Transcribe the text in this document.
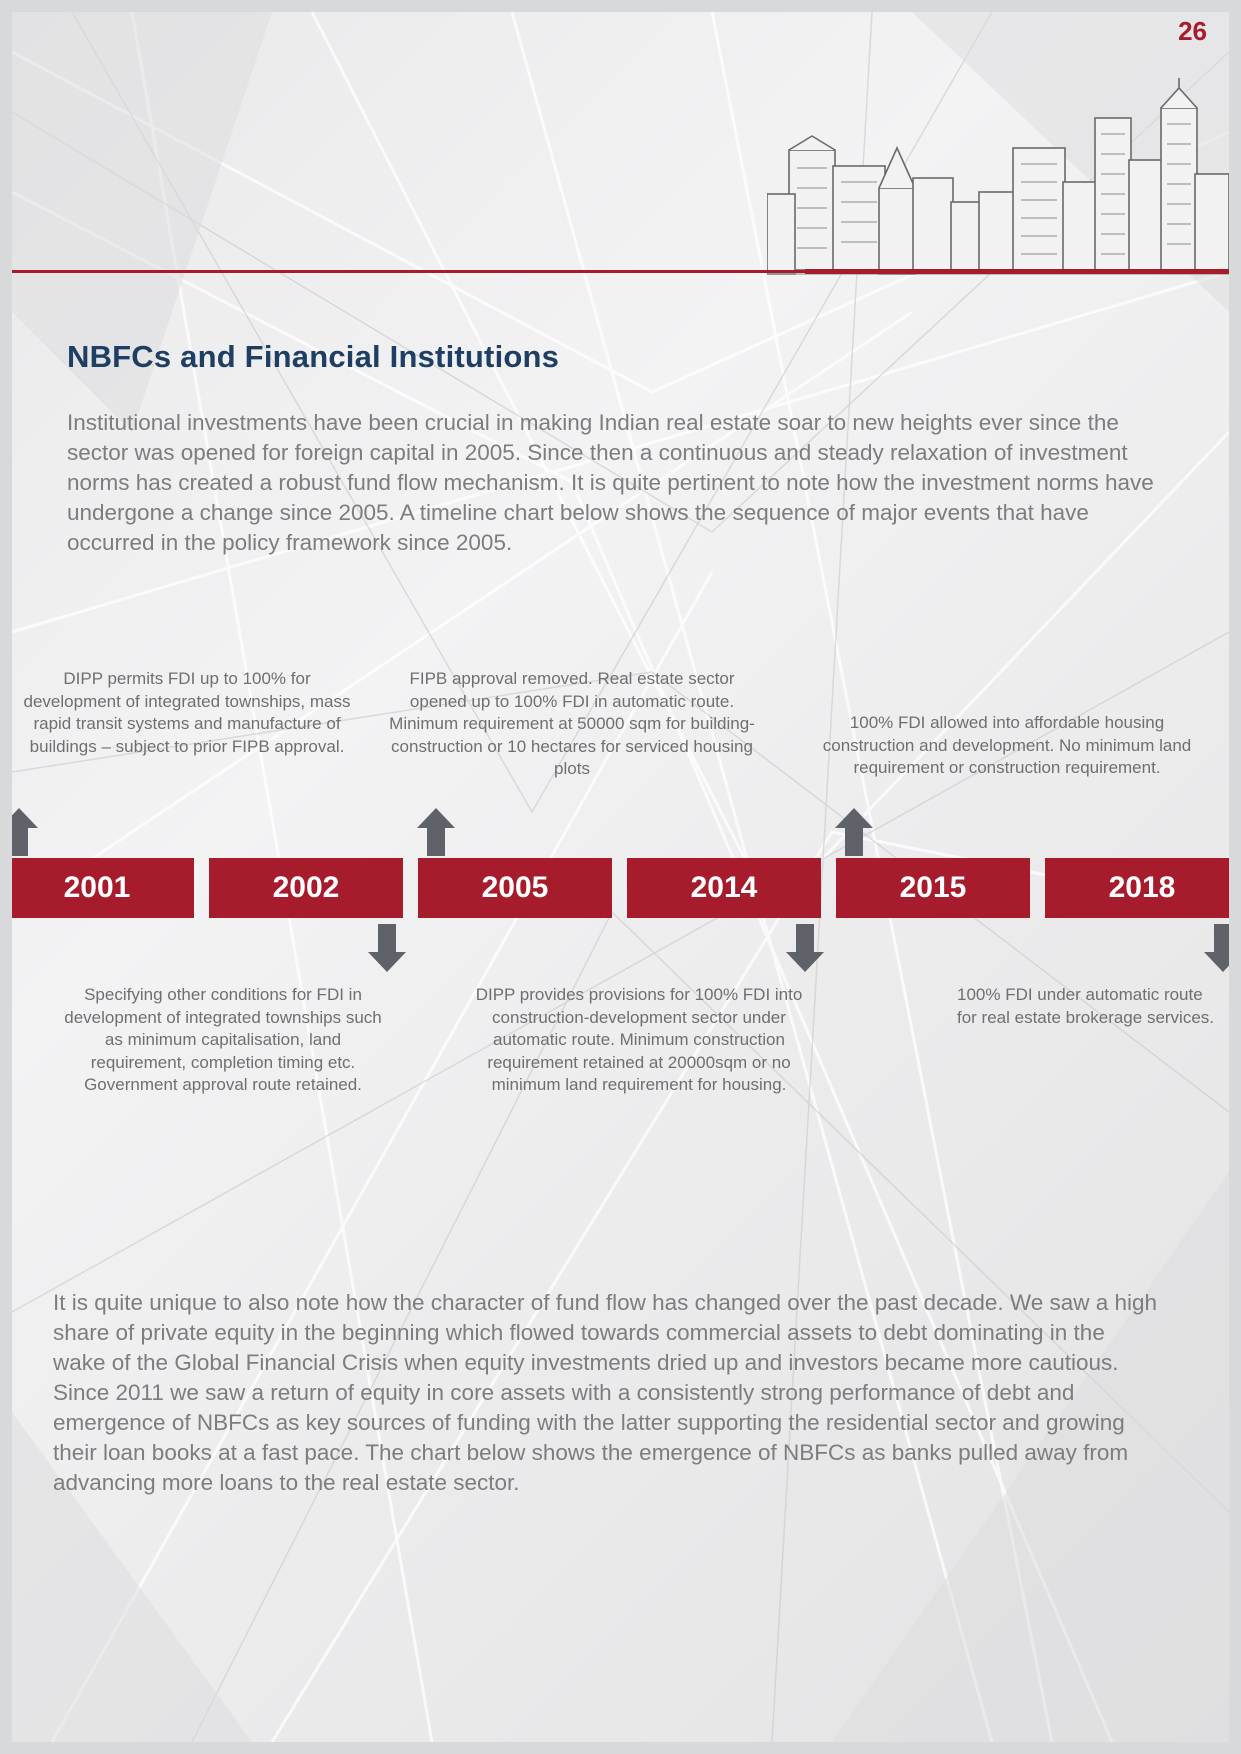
26
NBFCs and Financial Institutions

Institutional investments have been crucial in making Indian real estate soar to new heights ever since the sector was opened for foreign capital in 2005. Since then a continuous and steady relaxation of investment norms has created a robust fund flow mechanism. It is quite pertinent to note how the investment norms have undergone a change since 2005. A timeline chart below shows the sequence of major events that have occurred in the policy framework since 2005.

DIPP permits FDI up to 100% for development of integrated townships, mass rapid transit systems and manufacture of buildings – subject to prior FIPB approval.
Specifying other conditions for FDI in development of integrated townships such as minimum capitalisation, land requirement, completion timing etc. Government approval route retained.
FIPB approval removed. Real estate sector opened up to 100% FDI in automatic route. Minimum requirement at 50000 sqm for building-construction or 10 hectares for serviced housing plots
DIPP provides provisions for 100% FDI into construction-development sector under automatic route. Minimum construction requirement retained at 20000sqm or no minimum land requirement for housing.
100% FDI allowed into affordable housing construction and development. No minimum land requirement or construction requirement.
100% FDI under automatic route for real estate brokerage services.
2001	2002	2005	2014	2015	2018

It is quite unique to also note how the character of fund flow has changed over the past decade. We saw a high share of private equity in the beginning which flowed towards commercial assets to debt dominating in the wake of the Global Financial Crisis when equity investments dried up and investors became more cautious. Since 2011 we saw a return of equity in core assets with a consistently strong performance of debt and emergence of NBFCs as key sources of funding with the latter supporting the residential sector and growing their loan books at a fast pace. The chart below shows the emergence of NBFCs as banks pulled away from advancing more loans to the real estate sector.
